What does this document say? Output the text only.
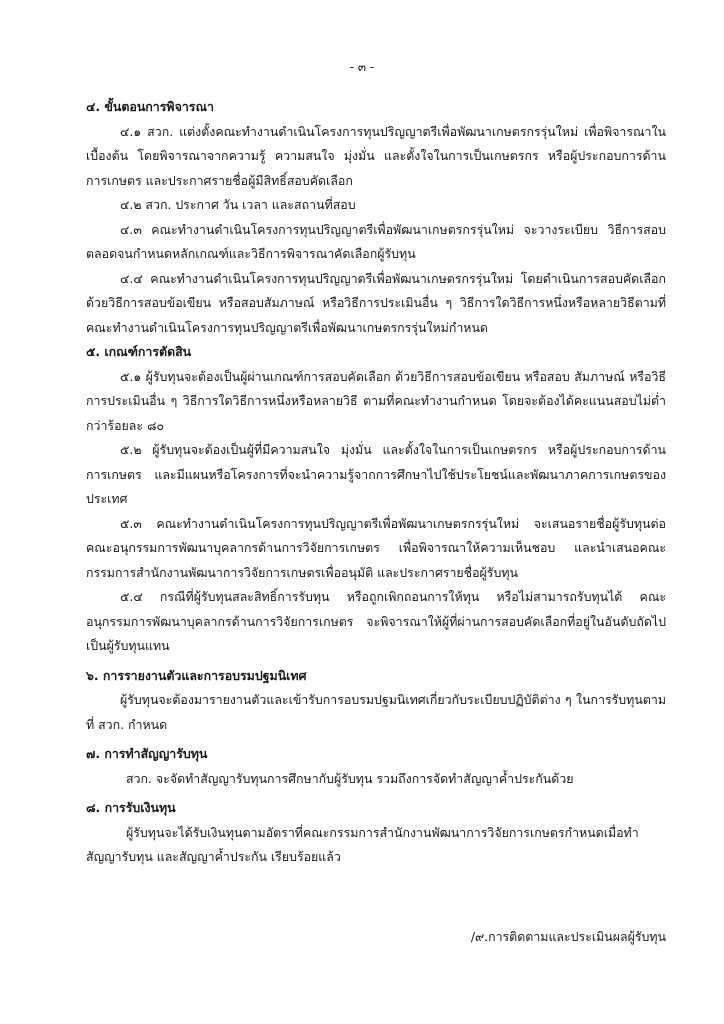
- ๓ -

๔. ขั้นตอนการพิจารณา

๔.๑ สวก. แต่งตั้งคณะทำงานดำเนินโครงการทุนปริญญาตรีเพื่อพัฒนาเกษตรกรรุ่นใหม่ เพื่อพิจารณาในเบื้องต้น โดยพิจารณาจากความรู้ ความสนใจ มุ่งมั่น และตั้งใจในการเป็นเกษตรกร หรือผู้ประกอบการด้านการเกษตร และประกาศรายชื่อผู้มีสิทธิ์สอบคัดเลือก

๔.๒ สวก. ประกาศ วัน เวลา และสถานที่สอบ

๔.๓ คณะทำงานดำเนินโครงการทุนปริญญาตรีเพื่อพัฒนาเกษตรกรรุ่นใหม่ จะวางระเบียบ วิธีการสอบตลอดจนกำหนดหลักเกณฑ์และวิธีการพิจารณาคัดเลือกผู้รับทุน

๔.๔ คณะทำงานดำเนินโครงการทุนปริญญาตรีเพื่อพัฒนาเกษตรกรรุ่นใหม่ โดยดำเนินการสอบคัดเลือกด้วยวิธีการสอบข้อเขียน หรือสอบสัมภาษณ์ หรือวิธีการประเมินอื่น ๆ วิธีการใดวิธีการหนึ่งหรือหลายวิธีตามที่คณะทำงานดำเนินโครงการทุนปริญญาตรีเพื่อพัฒนาเกษตรกรรุ่นใหม่กำหนด

๕. เกณฑ์การตัดสิน

๕.๑ ผู้รับทุนจะต้องเป็นผู้ผ่านเกณฑ์การสอบคัดเลือก ด้วยวิธีการสอบข้อเขียน หรือสอบ สัมภาษณ์ หรือวิธีการประเมินอื่น ๆ วิธีการใดวิธีการหนึ่งหรือหลายวิธี ตามที่คณะทำงานกำหนด โดยจะต้องได้คะแนนสอบไม่ต่ำกว่าร้อยละ ๘๐

๕.๒ ผู้รับทุนจะต้องเป็นผู้ที่มีความสนใจ มุ่งมั่น และตั้งใจในการเป็นเกษตรกร หรือผู้ประกอบการด้านการเกษตร และมีแผนหรือโครงการที่จะนำความรู้จากการศึกษาไปใช้ประโยชน์และพัฒนาภาคการเกษตรของประเทศ

๕.๓ คณะทำงานดำเนินโครงการทุนปริญญาตรีเพื่อพัฒนาเกษตรกรรุ่นใหม่ จะเสนอรายชื่อผู้รับทุนต่อคณะอนุกรรมการพัฒนาบุคลากรด้านการวิจัยการเกษตร เพื่อพิจารณาให้ความเห็นชอบ และนำเสนอคณะกรรมการสำนักงานพัฒนาการวิจัยการเกษตรเพื่ออนุมัติ และประกาศรายชื่อผู้รับทุน

๕.๔ กรณีที่ผู้รับทุนสละสิทธิ์การรับทุน หรือถูกเพิกถอนการให้ทุน หรือไม่สามารถรับทุนได้ คณะอนุกรรมการพัฒนาบุคลากรด้านการวิจัยการเกษตร จะพิจารณาให้ผู้ที่ผ่านการสอบคัดเลือกที่อยู่ในอันดับถัดไปเป็นผู้รับทุนแทน

๖. การรายงานตัวและการอบรมปฐมนิเทศ

ผู้รับทุนจะต้องมารายงานตัวและเข้ารับการอบรมปฐมนิเทศเกี่ยวกับระเบียบปฏิบัติต่าง ๆ ในการรับทุนตามที่ สวก. กำหนด

๗. การทำสัญญารับทุน

สวก. จะจัดทำสัญญารับทุนการศึกษากับผู้รับทุน รวมถึงการจัดทำสัญญาค้ำประกันด้วย

๘. การรับเงินทุน

ผู้รับทุนจะได้รับเงินทุนตามอัตราที่คณะกรรมการสำนักงานพัฒนาการวิจัยการเกษตรกำหนดเมื่อทำสัญญารับทุน และสัญญาค้ำประกัน เรียบร้อยแล้ว

/๙.การติดตามและประเมินผลผู้รับทุน
